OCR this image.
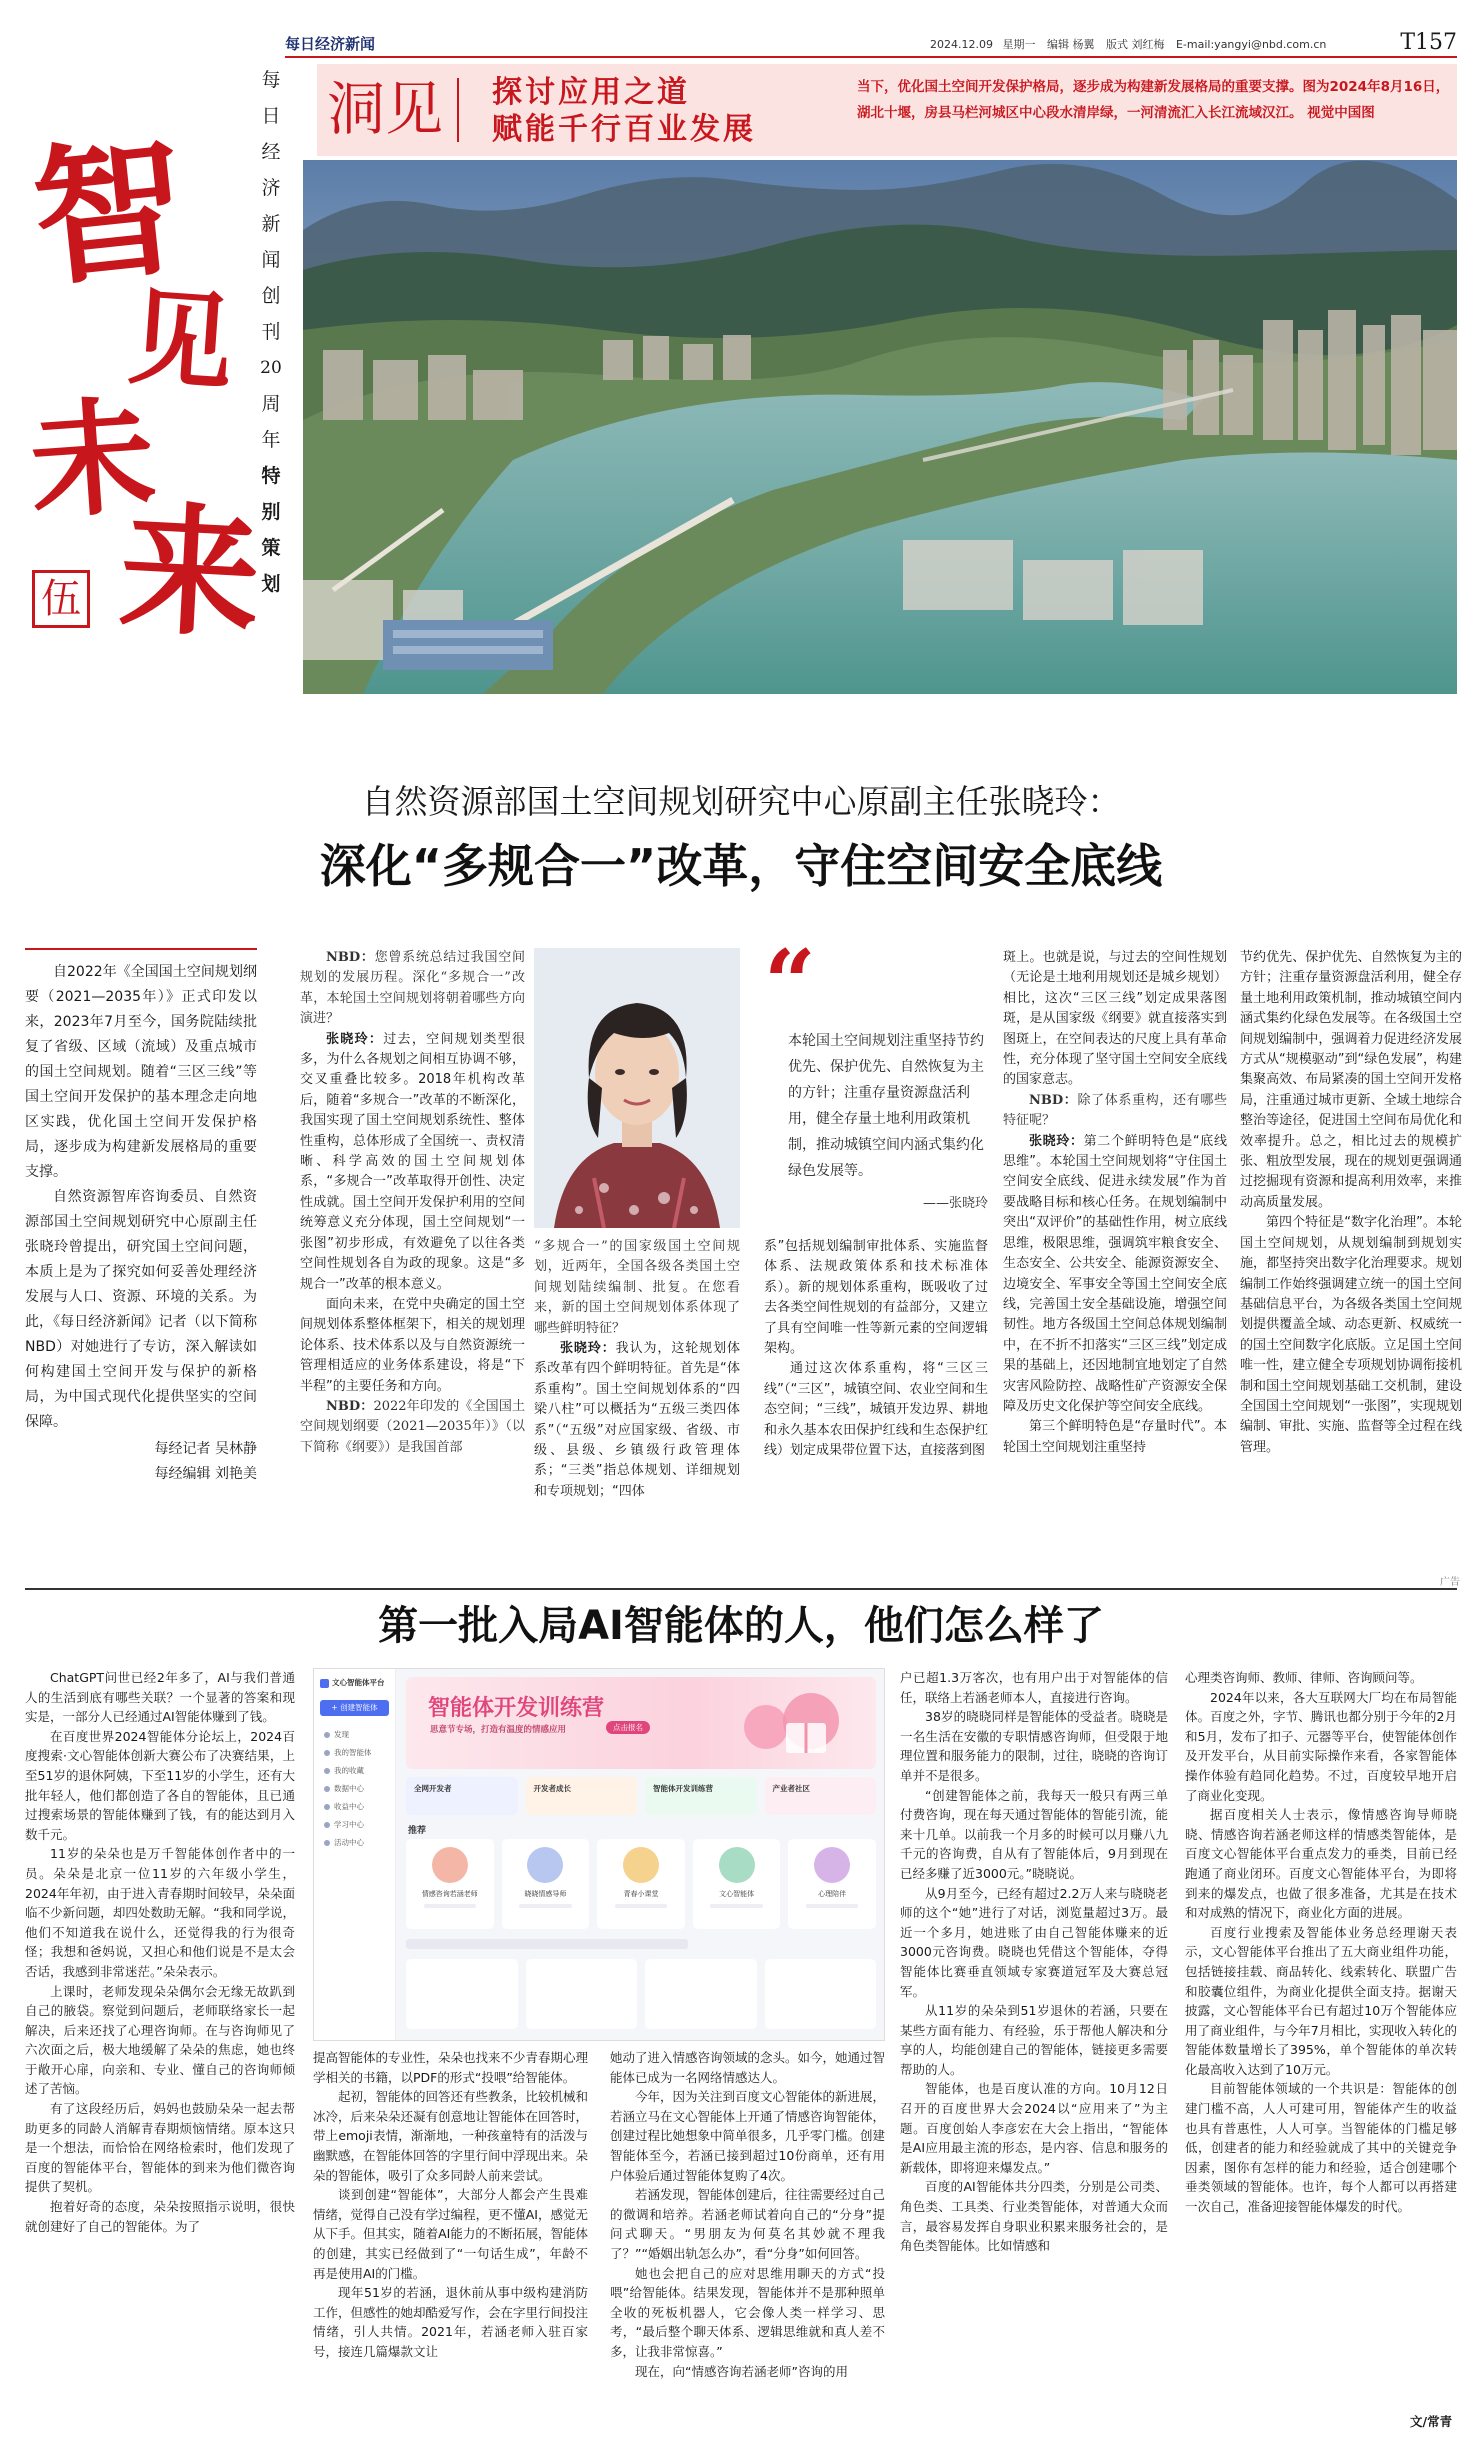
每日经济新闻	2024.12.09 星期一 编辑 杨翼 版式 刘红梅 E-mail:yangyi@nbd.com.cn	T157
每
日
经
济
新
闻
创
刊
20
周
年
特
别
策
划
智
见
未
来
伍
洞见 探讨应用之道
赋能千行百业发展
当下，优化国土空间开发保护格局，逐步成为构建新发展格局的重要支撑。图为2024年8月16日，湖北十堰，房县马栏河城区中心段水清岸绿，一河清流汇入长江流域汉江。 视觉中国图
自然资源部国土空间规划研究中心原副主任张晓玲：
深化“多规合一”改革，守住空间安全底线

自2022年《全国国土空间规划纲要（2021—2035年）》正式印发以来，2023年7月至今，国务院陆续批复了省级、区域（流域）及重点城市的国土空间规划。随着“三区三线”等国土空间开发保护的基本理念走向地区实践，优化国土空间开发保护格局，逐步成为构建新发展格局的重要支撑。

自然资源智库咨询委员、自然资源部国土空间规划研究中心原副主任张晓玲曾提出，研究国土空间问题，本质上是为了探究如何妥善处理经济发展与人口、资源、环境的关系。为此，《每日经济新闻》记者（以下简称NBD）对她进行了专访，深入解读如何构建国土空间开发与保护的新格局，为中国式现代化提供坚实的空间保障。

每经记者 吴林静
每经编辑 刘艳美

NBD：您曾系统总结过我国空间规划的发展历程。深化“多规合一”改革，本轮国土空间规划将朝着哪些方向演进？

张晓玲：过去，空间规划类型很多，为什么各规划之间相互协调不够，交叉重叠比较多。2018年机构改革后，随着“多规合一”改革的不断深化，我国实现了国土空间规划系统性、整体性重构，总体形成了全国统一、责权清晰、科学高效的国土空间规划体系，“多规合一”改革取得开创性、决定性成就。国土空间开发保护利用的空间统筹意义充分体现，国土空间规划“一张图”初步形成，有效避免了以往各类空间性规划各自为政的现象。这是“多规合一”改革的根本意义。

面向未来，在党中央确定的国土空间规划体系整体框架下，相关的规划理论体系、技术体系以及与自然资源统一管理相适应的业务体系建设，将是“下半程”的主要任务和方向。

NBD：2022年印发的《全国国土空间规划纲要（2021—2035年）》（以下简称《纲要》）是我国首部

“多规合一”的国家级国土空间规划，近两年，全国各级各类国土空间规划陆续编制、批复。在您看来，新的国土空间规划体系体现了哪些鲜明特征？

张晓玲：我认为，这轮规划体系改革有四个鲜明特征。首先是“体系重构”。国土空间规划体系的“四梁八柱”可以概括为“五级三类四体系”（“五级”对应国家级、省级、市级、县级、乡镇级行政管理体系；“三类”指总体规划、详细规划和专项规划；“四体

“
本轮国土空间规划注重坚持节约优先、保护优先、自然恢复为主的方针；注重存量资源盘活利用，健全存量土地利用政策机制，推动城镇空间内涵式集约化绿色发展等。
——张晓玲

系”包括规划编制审批体系、实施监督体系、法规政策体系和技术标准体系）。新的规划体系重构，既吸收了过去各类空间性规划的有益部分，又建立了具有空间唯一性等新元素的空间逻辑架构。

通过这次体系重构，将“三区三线”（“三区”，城镇空间、农业空间和生态空间；“三线”，城镇开发边界、耕地和永久基本农田保护红线和生态保护红线）划定成果带位置下达，直接落到图

斑上。也就是说，与过去的空间性规划（无论是土地利用规划还是城乡规划）相比，这次“三区三线”划定成果落图斑，是从国家级《纲要》就直接落实到图斑上，在空间表达的尺度上具有革命性，充分体现了坚守国土空间安全底线的国家意志。

NBD：除了体系重构，还有哪些特征呢？

张晓玲：第二个鲜明特色是“底线思维”。本轮国土空间规划将“守住国土空间安全底线、促进永续发展”作为首要战略目标和核心任务。在规划编制中突出“双评价”的基础性作用，树立底线思维，极限思维，强调筑牢粮食安全、生态安全、公共安全、能源资源安全、边境安全、军事安全等国土空间安全底线，完善国土安全基础设施，增强空间韧性。地方各级国土空间总体规划编制中，在不折不扣落实“三区三线”划定成果的基础上，还因地制宜地划定了自然灾害风险防控、战略性矿产资源安全保障及历史文化保护等空间安全底线。

第三个鲜明特色是“存量时代”。本轮国土空间规划注重坚持

节约优先、保护优先、自然恢复为主的方针；注重存量资源盘活利用，健全存量土地利用政策机制，推动城镇空间内涵式集约化绿色发展等。在各级国土空间规划编制中，强调着力促进经济发展方式从“规模驱动”到“绿色发展”，构建集聚高效、布局紧凑的国土空间开发格局，注重通过城市更新、全域土地综合整治等途径，促进国土空间布局优化和效率提升。总之，相比过去的规模扩张、粗放型发展，现在的规划更强调通过挖掘现有资源和提高利用效率，来推动高质量发展。

第四个特征是“数字化治理”。本轮国土空间规划，从规划编制到规划实施，都坚持突出数字化治理要求。规划编制工作始终强调建立统一的国土空间基础信息平台，为各级各类国土空间规划提供覆盖全域、动态更新、权威统一的国土空间数字化底版。立足国土空间唯一性，建立健全专项规划协调衔接机制和国土空间规划基础工交机制，建设全国国土空间规划“一张图”，实现规划编制、审批、实施、监督等全过程在线管理。

广告
第一批入局AI智能体的人，他们怎么样了

ChatGPT问世已经2年多了，AI与我们普通人的生活到底有哪些关联？一个显著的答案和现实是，一部分人已经通过AI智能体赚到了钱。

在百度世界2024智能体分论坛上，2024百度搜索·文心智能体创新大赛公布了决赛结果，上至51岁的退休阿姨，下至11岁的小学生，还有大批年轻人，他们都创造了各自的智能体，且已通过搜索场景的智能体赚到了钱，有的能达到月入数千元。

11岁的朵朵也是万千智能体创作者中的一员。朵朵是北京一位11岁的六年级小学生，2024年年初，由于进入青春期时间较早，朵朵面临不少新问题，却四处数助无解。“我和同学说，他们不知道我在说什么，还觉得我的行为很奇怪；我想和爸妈说，又担心和他们说是不是太会否话，我感到非常迷茫。”朵朵表示。

上课时，老师发现朵朵偶尔会无缘无故趴到自己的腋袋。察觉到问题后，老师联络家长一起解决，后来还找了心理咨询师。在与咨询师见了六次面之后，极大地缓解了朵朵的焦虑，她也终于敞开心扉，向亲和、专业、懂自己的咨询师倾述了苦恼。

有了这段经历后，妈妈也鼓励朵朵一起去帮助更多的同龄人消解青春期烦恼情绪。原本这只是一个想法，而恰恰在网络检索时，他们发现了百度的智能体平台，智能体的到来为他们微咨询提供了契机。

抱着好奇的态度，朵朵按照指示说明，很快就创建好了自己的智能体。为了

文心智能体平台
+ 创建智能体
发现
我的智能体
我的收藏
数据中心
收益中心
学习中心
活动中心
智能体开发训练营
思意节专场，打造有温度的情感应用	点击报名
全网开发者	开发者成长	智能体开发训练营	产业者社区
推荐
情感咨询若涵老师	晓晓情感导师	青春小课堂	文心智能体	心理陪伴

提高智能体的专业性，朵朵也找来不少青春期心理学相关的书籍，以PDF的形式“投喂”给智能体。

起初，智能体的回答还有些教条，比较机械和冰冷，后来朵朵还凝有创意地让智能体在回答时，带上emoji表情，渐渐地，一种孩童特有的活泼与幽默感，在智能体回答的字里行间中浮现出来。朵朵的智能体，吸引了众多同龄人前来尝试。

谈到创建“智能体”，大部分人都会产生畏难情绪，觉得自己没有学过编程，更不懂AI，感觉无从下手。但其实，随着AI能力的不断拓展，智能体的创建，其实已经做到了“一句话生成”，年龄不再是使用AI的门槛。

现年51岁的若涵，退休前从事中级构建消防工作，但感性的她却酷爱写作，会在字里行间投注情绪，引人共情。2021年，若涵老师入驻百家号，接连几篇爆款文让

她动了进入情感咨询领域的念头。如今，她通过智能体已成为一名网络情感达人。

今年，因为关注到百度文心智能体的新进展，若涵立马在文心智能体上开通了情感咨询智能体，创建过程比她想象中简单很多，几乎零门槛。创建智能体至今，若涵已接到超过10份商单，还有用户体验后通过智能体复购了4次。

若涵发现，智能体创建后，往往需要经过自己的微调和培养。若涵老师试着向自己的“分身”提问式聊天。“男朋友为何莫名其妙就不理我了？”“婚姻出轨怎么办”，看“分身”如何回答。

她也会把自己的应对思维用聊天的方式“投喂”给智能体。结果发现，智能体并不是那种照单全收的死板机器人，它会像人类一样学习、思考，“最后整个聊天体系、逻辑思维就和真人差不多，让我非常惊喜。”

现在，向“情感咨询若涵老师”咨询的用

户已超1.3万客次，也有用户出于对智能体的信任，联络上若涵老师本人，直接进行咨询。

38岁的晓晓同样是智能体的受益者。晓晓是一名生活在安徽的专职情感咨询师，但受限于地理位置和服务能力的限制，过往，晓晓的咨询订单并不是很多。

“创建智能体之前，我每天一般只有两三单付费咨询，现在每天通过智能体的智能引流，能来十几单。以前我一个月多的时候可以月赚八九千元的咨询费，自从有了智能体后，9月到现在已经多赚了近3000元。”晓晓说。

从9月至今，已经有超过2.2万人来与晓晓老师的这个“她”进行了对话，浏览量超过3万。最近一个多月，她进账了由自己智能体赚来的近3000元咨询费。晓晓也凭借这个智能体，夺得智能体比赛垂直领域专家赛道冠军及大赛总冠军。

从11岁的朵朵到51岁退休的若涵，只要在某些方面有能力、有经验，乐于帮他人解决和分享的人，均能创建自己的智能体，链接更多需要帮助的人。

智能体，也是百度认准的方向。10月12日召开的百度世界大会2024以“应用来了”为主题。百度创始人李彦宏在大会上指出，“智能体是AI应用最主流的形态，是内容、信息和服务的新载体，即将迎来爆发点。”

百度的AI智能体共分四类，分别是公司类、角色类、工具类、行业类智能体，对普通大众而言，最容易发挥自身职业积累来服务社会的，是角色类智能体。比如情感和

心理类咨询师、教师、律师、咨询顾问等。

2024年以来，各大互联网大厂均在布局智能体。百度之外，字节、腾讯也都分别于今年的2月和5月，发布了扣子、元器等平台，使智能体创作及开发平台，从目前实际操作来看，各家智能体操作体验有趋同化趋势。不过，百度较早地开启了商业化变现。

据百度相关人士表示，像情感咨询导师晓晓、情感咨询若涵老师这样的情感类智能体，是百度文心智能体平台重点发力的垂类，目前已经跑通了商业闭环。百度文心智能体平台，为即将到来的爆发点，也做了很多准备，尤其是在技术和对成熟的情况下，商业化方面的进展。

百度行业搜索及智能体业务总经理谢天表示，文心智能体平台推出了五大商业组件功能，包括链接挂载、商品转化、线索转化、联盟广告和胶囊位组件，为商业化提供全面支持。据谢天披露，文心智能体平台已有超过10万个智能体应用了商业组件，与今年7月相比，实现收入转化的智能体数量增长了395%，单个智能体的单次转化最高收入达到了10万元。

目前智能体领域的一个共识是：智能体的创建门槛不高，人人可建可用，智能体产生的收益也具有普惠性，人人可享。当智能体的门槛足够低，创建者的能力和经验就成了其中的关键竞争因素，图你有怎样的能力和经验，适合创建哪个垂类领域的智能体。也许，每个人都可以再搭建一次自己，准备迎接智能体爆发的时代。

文/常青
